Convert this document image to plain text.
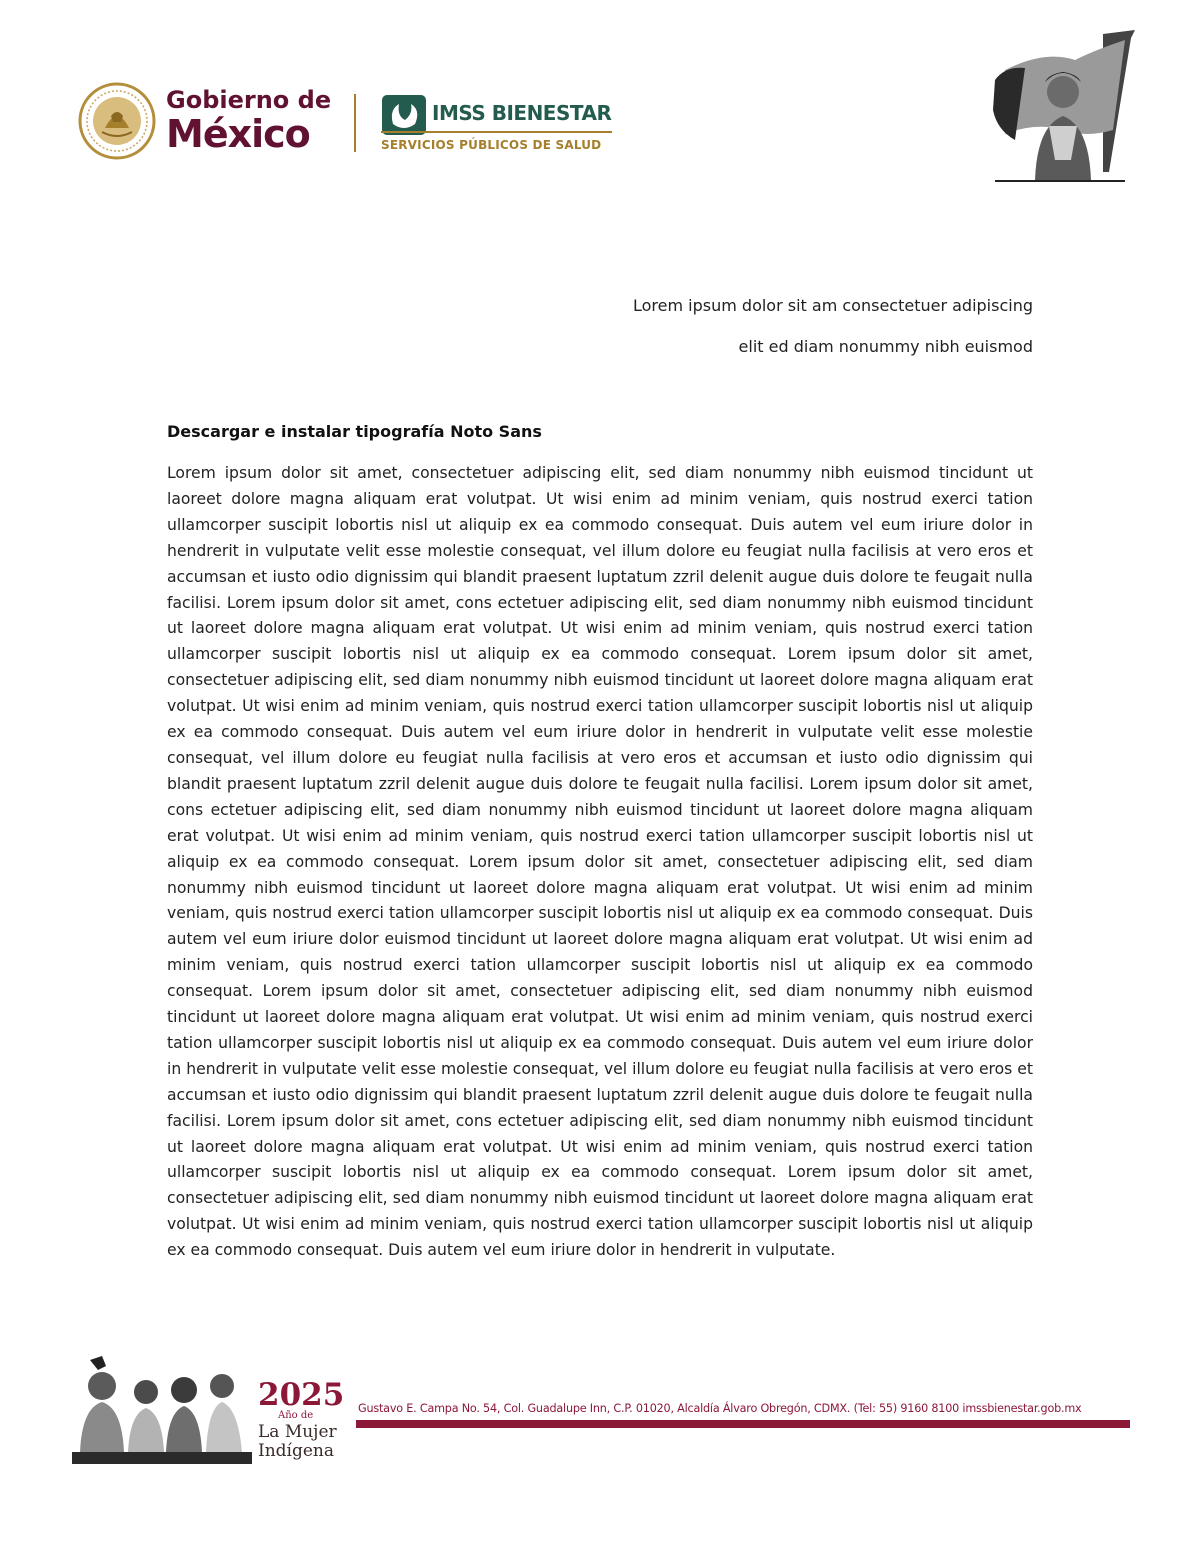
Gobierno de
México	IMSS BIENESTAR
SERVICIOS PÚBLICOS DE SALUD
Lorem ipsum dolor sit am consectetuer adipiscing
elit ed diam nonummy nibh euismod
Descargar e instalar tipografía Noto Sans
Lorem ipsum dolor sit amet, consectetuer adipiscing elit, sed diam nonummy nibh euismod tincidunt ut laoreet dolore magna aliquam erat volutpat. Ut wisi enim ad minim veniam, quis nostrud exerci tation ullamcorper suscipit lobortis nisl ut aliquip ex ea commodo consequat. Duis autem vel eum iriure dolor in hendrerit in vulputate velit esse molestie consequat, vel illum dolore eu feugiat nulla facilisis at vero eros et accumsan et iusto odio dignissim qui blandit praesent luptatum zzril delenit augue duis dolore te feugait nulla facilisi. Lorem ipsum dolor sit amet, cons ectetuer adipiscing elit, sed diam nonummy nibh euismod tincidunt ut laoreet dolore magna aliquam erat volutpat. Ut wisi enim ad minim veniam, quis nostrud exerci tation ullamcorper suscipit lobortis nisl ut aliquip ex ea commodo consequat. Lorem ipsum dolor sit amet, consectetuer adipiscing elit, sed diam nonummy nibh euismod tincidunt ut laoreet dolore magna aliquam erat volutpat. Ut wisi enim ad minim veniam, quis nostrud exerci tation ullamcorper suscipit lobortis nisl ut aliquip ex ea commodo consequat. Duis autem vel eum iriure dolor in hendrerit in vulputate velit esse molestie consequat, vel illum dolore eu feugiat nulla facilisis at vero eros et accumsan et iusto odio dignissim qui blandit praesent luptatum zzril delenit augue duis dolore te feugait nulla facilisi. Lorem ipsum dolor sit amet, cons ectetuer adipiscing elit, sed diam nonummy nibh euismod tincidunt ut laoreet dolore magna aliquam erat volutpat. Ut wisi enim ad minim veniam, quis nostrud exerci tation ullamcorper suscipit lobortis nisl ut aliquip ex ea commodo consequat. Lorem ipsum dolor sit amet, consectetuer adipiscing elit, sed diam nonummy nibh euismod tincidunt ut laoreet dolore magna aliquam erat volutpat. Ut wisi enim ad minim veniam, quis nostrud exerci tation ullamcorper suscipit lobortis nisl ut aliquip ex ea commodo consequat. Duis autem vel eum iriure dolor euismod tincidunt ut laoreet dolore magna aliquam erat volutpat. Ut wisi enim ad minim veniam, quis nostrud exerci tation ullamcorper suscipit lobortis nisl ut aliquip ex ea commodo consequat. Lorem ipsum dolor sit amet, consectetuer adipiscing elit, sed diam nonummy nibh euismod tincidunt ut laoreet dolore magna aliquam erat volutpat. Ut wisi enim ad minim veniam, quis nostrud exerci tation ullamcorper suscipit lobortis nisl ut aliquip ex ea commodo consequat. Duis autem vel eum iriure dolor in hendrerit in vulputate velit esse molestie consequat, vel illum dolore eu feugiat nulla facilisis at vero eros et accumsan et iusto odio dignissim qui blandit praesent luptatum zzril delenit augue duis dolore te feugait nulla facilisi. Lorem ipsum dolor sit amet, cons ectetuer adipiscing elit, sed diam nonummy nibh euismod tincidunt ut laoreet dolore magna aliquam erat volutpat. Ut wisi enim ad minim veniam, quis nostrud exerci tation ullamcorper suscipit lobortis nisl ut aliquip ex ea commodo consequat. Lorem ipsum dolor sit amet, consectetuer adipiscing elit, sed diam nonummy nibh euismod tincidunt ut laoreet dolore magna aliquam erat volutpat. Ut wisi enim ad minim veniam, quis nostrud exerci tation ullamcorper suscipit lobortis nisl ut aliquip ex ea commodo consequat. Duis autem vel eum iriure dolor in hendrerit in vulputate.
2025
Año de
La Mujer
Indígena
Gustavo E. Campa No. 54, Col. Guadalupe Inn, C.P. 01020, Alcaldía Álvaro Obregón, CDMX. (Tel: 55) 9160 8100 imssbienestar.gob.mx
